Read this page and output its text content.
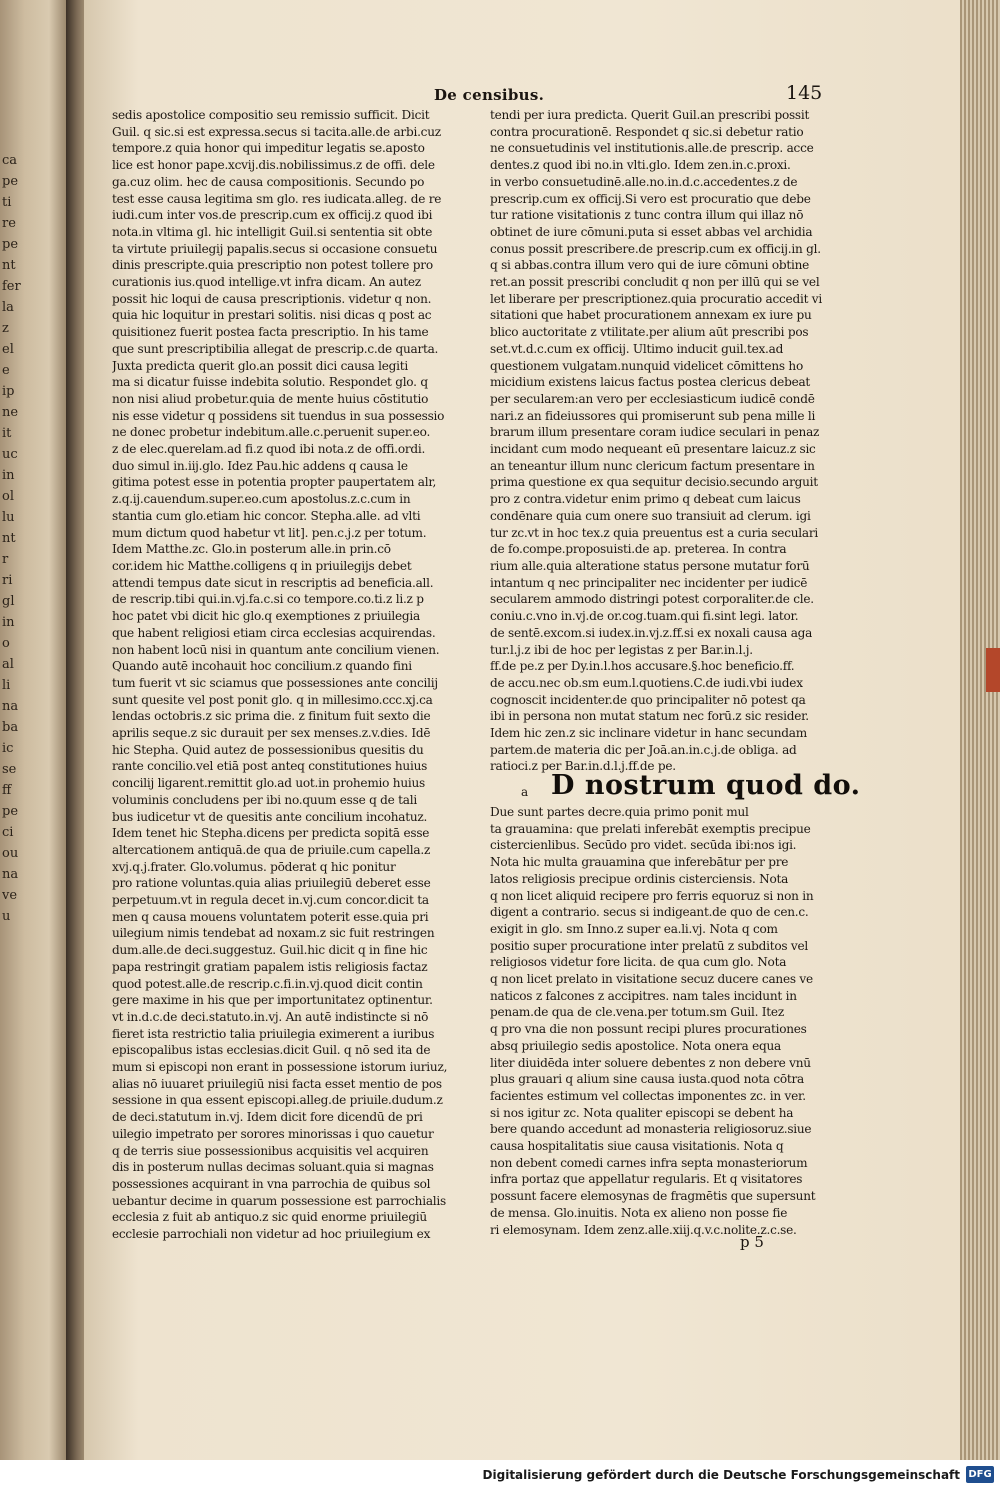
ca
pe
ti
re
pe
nt
fer
la
z
el
e
ip
ne
it
uc
in
ol
lu
nt
r
ri
gl
in
o
al
li
na
ba
ic
se
ff
pe
ci
ou
na
ve
u
De censibus.	145
sedis apostolice compositio seu remissio sufficit. Dicit
Guil. q sic.si est expressa.secus si tacita.alle.de arbi.cuz
tempore.z quia honor qui impeditur legatis se.aposto
lice est honor pape.xcvij.dis.nobilissimus.z de offi. dele
ga.cuz olim. hec de causa compositionis. Secundo po
test esse causa legitima sm glo. res iudicata.alleg. de re
iudi.cum inter vos.de prescrip.cum ex officij.z quod ibi
nota.in vltima gl. hic intelligit Guil.si sententia sit obte
ta virtute priuilegij papalis.secus si occasione consuetu
dinis prescripte.quia prescriptio non potest tollere pro
curationis ius.quod intellige.vt infra dicam. An autez
possit hic loqui de causa prescriptionis. videtur q non.
quia hic loquitur in prestari solitis. nisi dicas q post ac
quisitionez fuerit postea facta prescriptio. In his tame
que sunt prescriptibilia allegat de prescrip.c.de quarta.
Juxta predicta querit glo.an possit dici causa legiti
ma si dicatur fuisse indebita solutio. Respondet glo. q
non nisi aliud probetur.quia de mente huius cōstitutio
nis esse videtur q possidens sit tuendus in sua possessio
ne donec probetur indebitum.alle.c.peruenit super.eo.
z de elec.querelam.ad fi.z quod ibi nota.z de offi.ordi.
duo simul in.iij.glo. Idez Pau.hic addens q causa le
gitima potest esse in potentia propter paupertatem alr,
z.q.ij.cauendum.super.eo.cum apostolus.z.c.cum in
stantia cum glo.etiam hic concor. Stepha.alle. ad vlti
mum dictum quod habetur vt lit]. pen.c.j.z per totum.
Idem Matthe.zc. Glo.in posterum alle.in prin.cō
cor.idem hic Matthe.colligens q in priuilegijs debet
attendi tempus date sicut in rescriptis ad beneficia.all.
de rescrip.tibi qui.in.vj.fa.c.si co tempore.co.ti.z li.z p
hoc patet vbi dicit hic glo.q exemptiones z priuilegia
que habent religiosi etiam circa ecclesias acquirendas.
non habent locū nisi in quantum ante concilium vienen.
Quando autē incohauit hoc concilium.z quando fini
tum fuerit vt sic sciamus que possessiones ante concilij
sunt quesite vel post ponit glo. q in millesimo.ccc.xj.ca
lendas octobris.z sic prima die. z finitum fuit sexto die
aprilis seque.z sic durauit per sex menses.z.v.dies. Idē
hic Stepha. Quid autez de possessionibus quesitis du
rante concilio.vel etiā post anteq constitutiones huius
concilij ligarent.remittit glo.ad uot.in prohemio huius
voluminis concludens per ibi no.quum esse q de tali
bus iudicetur vt de quesitis ante concilium incohatuz.
Idem tenet hic Stepha.dicens per predicta sopitā esse
altercationem antiquā.de qua de priuile.cum capella.z
xvj.q.j.frater. Glo.volumus. pōderat q hic ponitur
pro ratione voluntas.quia alias priuilegiū deberet esse
perpetuum.vt in regula decet in.vj.cum concor.dicit ta
men q causa mouens voluntatem poterit esse.quia pri
uilegium nimis tendebat ad noxam.z sic fuit restringen
dum.alle.de deci.suggestuz. Guil.hic dicit q in fine hic
papa restringit gratiam papalem istis religiosis factaz
quod potest.alle.de rescrip.c.fi.in.vj.quod dicit contin
gere maxime in his que per importunitatez optinentur.
vt in.d.c.de deci.statuto.in.vj. An autē indistincte si nō
fieret ista restrictio talia priuilegia eximerent a iuribus
episcopalibus istas ecclesias.dicit Guil. q nō sed ita de
mum si episcopi non erant in possessione istorum iuriuz,
alias nō iuuaret priuilegiū nisi facta esset mentio de pos
sessione in qua essent episcopi.alleg.de priuile.dudum.z
de deci.statutum in.vj. Idem dicit fore dicendū de pri
uilegio impetrato per sorores minorissas i quo cauetur
q de terris siue possessionibus acquisitis vel acquiren
dis in posterum nullas decimas soluant.quia si magnas
possessiones acquirant in vna parrochia de quibus sol
uebantur decime in quarum possessione est parrochialis
ecclesia z fuit ab antiquo.z sic quid enorme priuilegiū
ecclesie parrochiali non videtur ad hoc priuilegium ex
tendi per iura predicta. Querit Guil.an prescribi possit
contra procurationē. Respondet q sic.si debetur ratio
ne consuetudinis vel institutionis.alle.de prescrip. acce
dentes.z quod ibi no.in vlti.glo. Idem zen.in.c.proxi.
in verbo consuetudinē.alle.no.in.d.c.accedentes.z de
prescrip.cum ex officij.Si vero est procuratio que debe
tur ratione visitationis z tunc contra illum qui illaz nō
obtinet de iure cōmuni.puta si esset abbas vel archidia
conus possit prescribere.de prescrip.cum ex officij.in gl.
q si abbas.contra illum vero qui de iure cōmuni obtine
ret.an possit prescribi concludit q non per illū qui se vel
let liberare per prescriptionez.quia procuratio accedit vi
sitationi que habet procurationem annexam ex iure pu
blico auctoritate z vtilitate.per alium aūt prescribi pos
set.vt.d.c.cum ex officij. Ultimo inducit guil.tex.ad
questionem vulgatam.nunquid videlicet cōmittens ho
micidium existens laicus factus postea clericus debeat
per secularem:an vero per ecclesiasticum iudicē condē
nari.z an fideiussores qui promiserunt sub pena mille li
brarum illum presentare coram iudice seculari in penaz
incidant cum modo nequeant eū presentare laicuz.z sic
an teneantur illum nunc clericum factum presentare in
prima questione ex qua sequitur decisio.secundo arguit
pro z contra.videtur enim primo q debeat cum laicus
condēnare quia cum onere suo transiuit ad clerum. igi
tur zc.vt in hoc tex.z quia preuentus est a curia seculari
de fo.compe.proposuisti.de ap. preterea. In contra
rium alle.quia alteratione status persone mutatur forū
intantum q nec principaliter nec incidenter per iudicē
secularem ammodo distringi potest corporaliter.de cle.
coniu.c.vno in.vj.de or.cog.tuam.qui fi.sint legi. lator.
de sentē.excom.si iudex.in.vj.z.ff.si ex noxali causa aga
tur.l.j.z ibi de hoc per legistas z per Bar.in.l.j.
ff.de pe.z per Dy.in.l.hos accusare.§.hoc beneficio.ff.
de accu.nec ob.sm eum.l.quotiens.C.de iudi.vbi iudex
cognoscit incidenter.de quo principaliter nō potest qa
ibi in persona non mutat statum nec forū.z sic resider.
Idem hic zen.z sic inclinare videtur in hanc secundam
partem.de materia dic per Joā.an.in.c.j.de obliga. ad
ratioci.z per Bar.in.d.l.j.ff.de pe.
a D nostrum quod do.
Due sunt partes decre.quia primo ponit mul
ta grauamina: que prelati inferebāt exemptis precipue
cistercienlibus. Secūdo pro videt. secūda ibi:nos igi.
Nota hic multa grauamina que inferebātur per pre
latos religiosis precipue ordinis cisterciensis. Nota
q non licet aliquid recipere pro ferris equoruz si non in
digent a contrario. secus si indigeant.de quo de cen.c.
exigit in glo. sm Inno.z super ea.li.vj. Nota q com
positio super procuratione inter prelatū z subditos vel
religiosos videtur fore licita. de qua cum glo. Nota
q non licet prelato in visitatione secuz ducere canes ve
naticos z falcones z accipitres. nam tales incidunt in
penam.de qua de cle.vena.per totum.sm Guil. Itez
q pro vna die non possunt recipi plures procurationes
absq priuilegio sedis apostolice. Nota onera equa
liter diuidēda inter soluere debentes z non debere vnū
plus grauari q alium sine causa iusta.quod nota cōtra
facientes estimum vel collectas imponentes zc. in ver.
si nos igitur zc. Nota qualiter episcopi se debent ha
bere quando accedunt ad monasteria religiosoruz.siue
causa hospitalitatis siue causa visitationis. Nota q
non debent comedi carnes infra septa monasteriorum
infra portaz que appellatur regularis. Et q visitatores
possunt facere elemosynas de fragmētis que supersunt
de mensa. Glo.inuitis. Nota ex alieno non posse fie
ri elemosynam. Idem zenz.alle.xiij.q.v.c.nolite.z.c.se.
p 5
Digitalisierung gefördert durch die Deutsche Forschungsgemeinschaft DFG
